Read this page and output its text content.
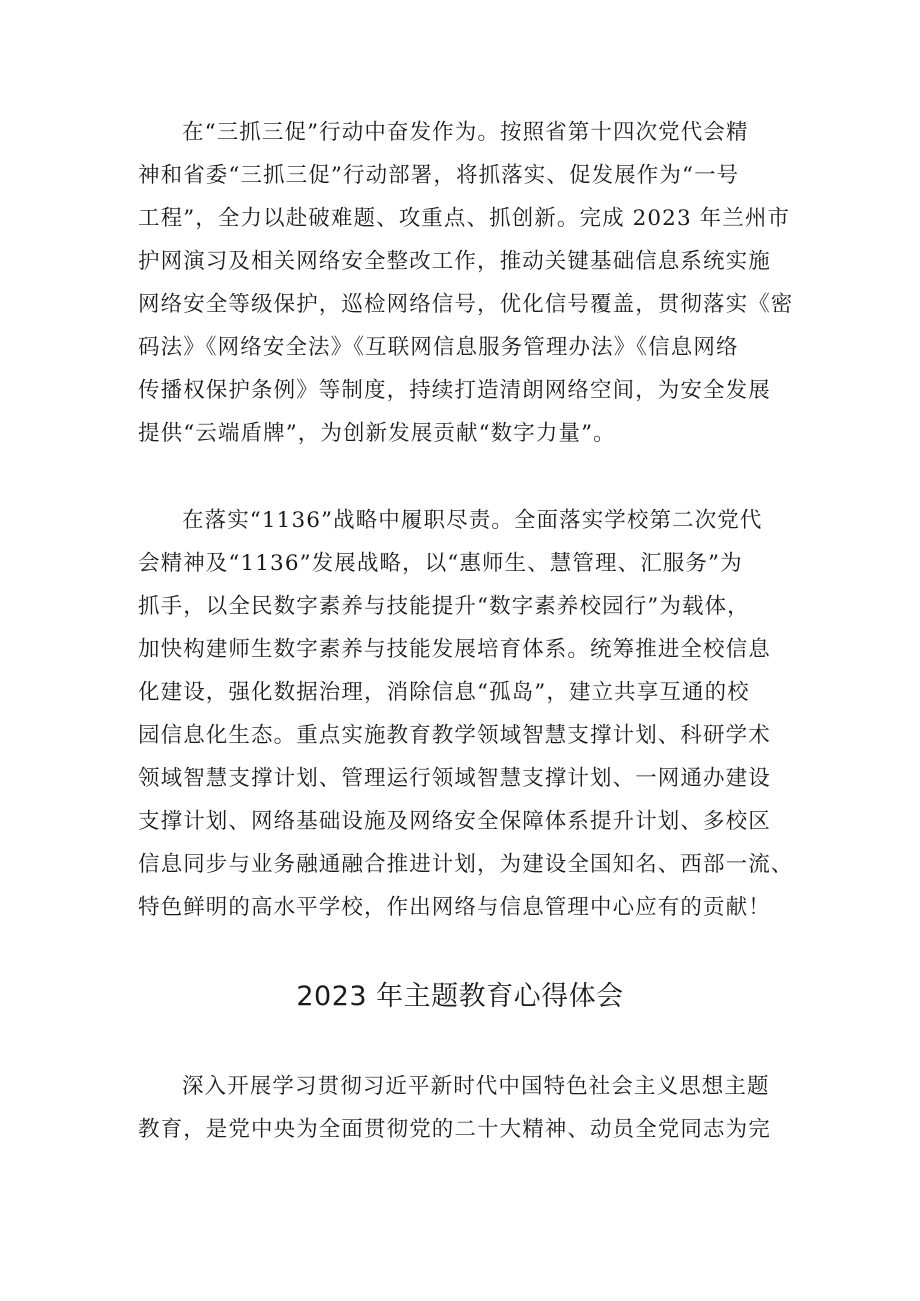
在“三抓三促”行动中奋发作为。按照省第十四次党代会精
神和省委“三抓三促”行动部署，将抓落实、促发展作为“一号
工程”，全力以赴破难题、攻重点、抓创新。完成 2023 年兰州市
护网演习及相关网络安全整改工作，推动关键基础信息系统实施
网络安全等级保护，巡检网络信号，优化信号覆盖，贯彻落实《密
码法》《网络安全法》《互联网信息服务管理办法》《信息网络
传播权保护条例》等制度，持续打造清朗网络空间，为安全发展
提供“云端盾牌”，为创新发展贡献“数字力量”。
在落实“1136”战略中履职尽责。全面落实学校第二次党代
会精神及“1136”发展战略，以“惠师生、慧管理、汇服务”为
抓手，以全民数字素养与技能提升“数字素养校园行”为载体，
加快构建师生数字素养与技能发展培育体系。统筹推进全校信息
化建设，强化数据治理，消除信息“孤岛”，建立共享互通的校
园信息化生态。重点实施教育教学领域智慧支撑计划、科研学术
领域智慧支撑计划、管理运行领域智慧支撑计划、一网通办建设
支撑计划、网络基础设施及网络安全保障体系提升计划、多校区
信息同步与业务融通融合推进计划，为建设全国知名、西部一流、
特色鲜明的高水平学校，作出网络与信息管理中心应有的贡献！
2023 年主题教育心得体会
深入开展学习贯彻习近平新时代中国特色社会主义思想主题
教育，是党中央为全面贯彻党的二十大精神、动员全党同志为完
